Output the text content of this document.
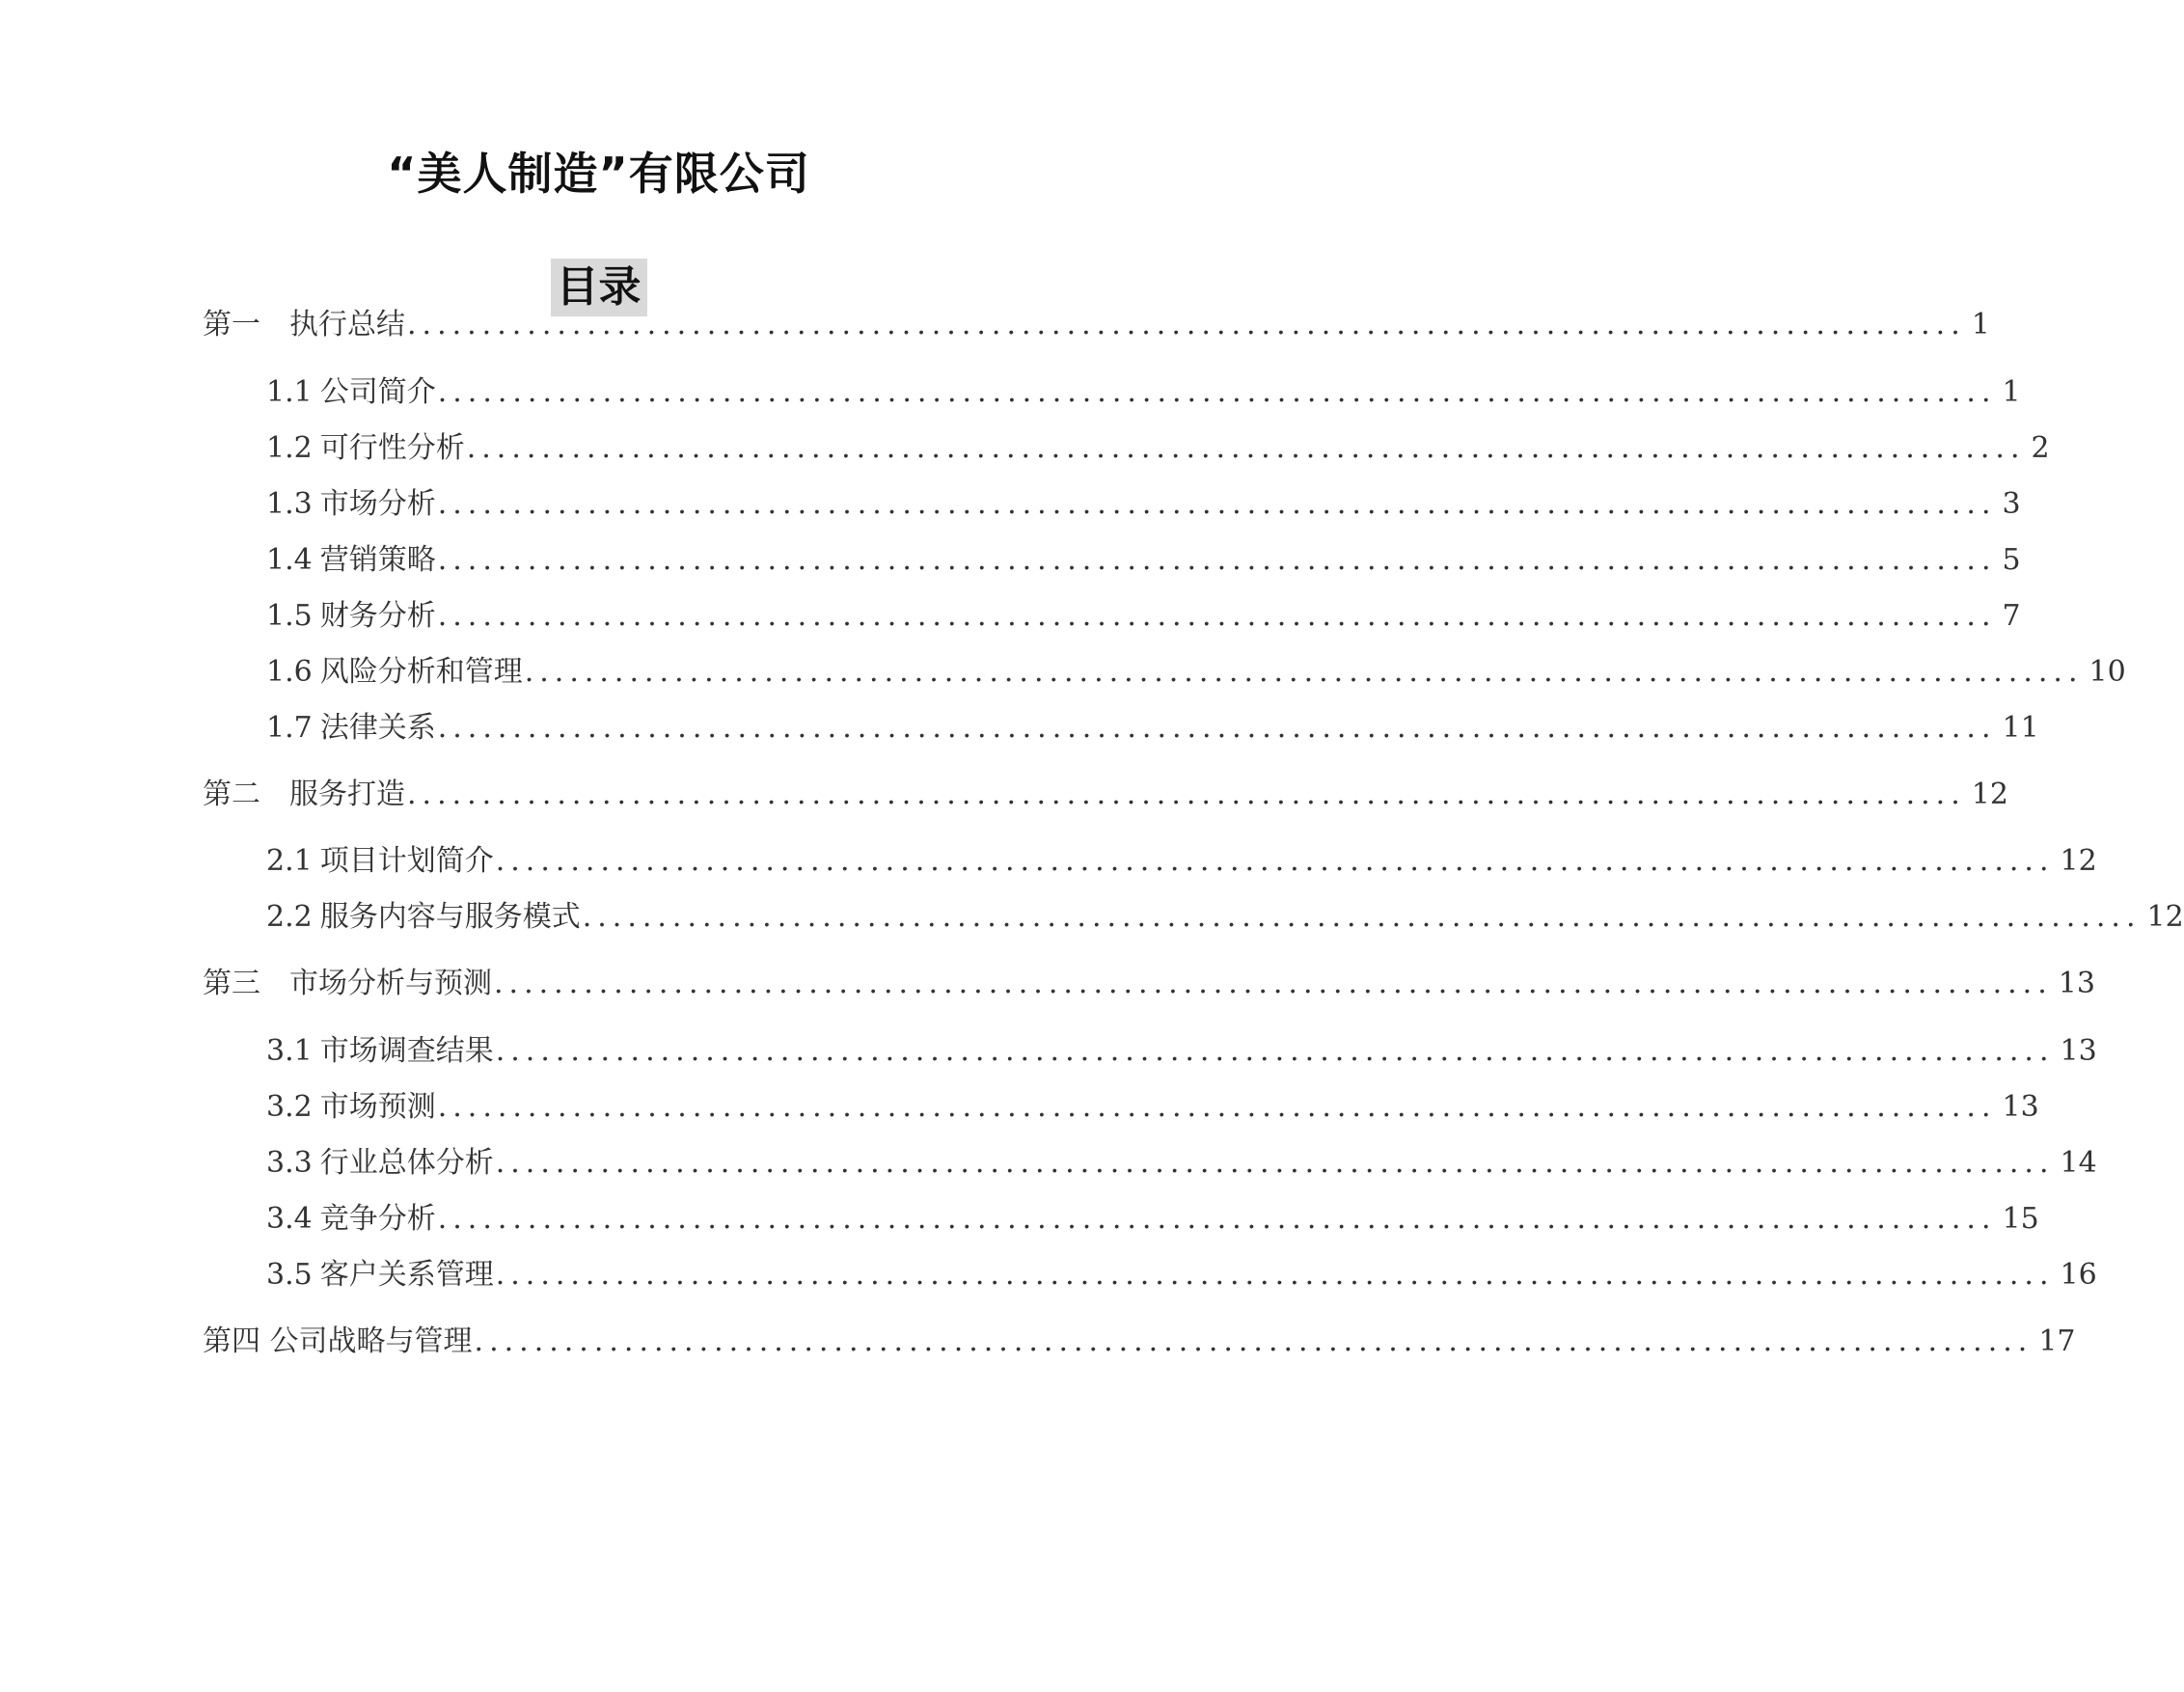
“美人制造”有限公司
目录
第一
　 执行总结 ........................................................................................................ 1
1.1 公司简介 ........................................................................................................ 1
1.2 可行性分析 ........................................................................................................ 2
1.3 市场分析 ........................................................................................................ 3
1.4 营销策略 ........................................................................................................ 5
1.5 财务分析 ........................................................................................................ 7
1.6 风险分析和管理 ........................................................................................................ 10
1.7 法律关系 ........................................................................................................ 11
第二
　 服务打造 ........................................................................................................ 12
2.1 项目计划简介 ........................................................................................................ 12
2.2 服务内容与服务模式 ........................................................................................................ 12
第三
　 市场分析与预测 ........................................................................................................ 13
3.1 市场调查结果 ........................................................................................................ 13
3.2 市场预测 ........................................................................................................ 13
3.3 行业总体分析 ........................................................................................................ 14
3.4 竞争分析 ........................................................................................................ 15
3.5 客户关系管理 ........................................................................................................ 16
第四
公司战略与管理 ........................................................................................................ 17
